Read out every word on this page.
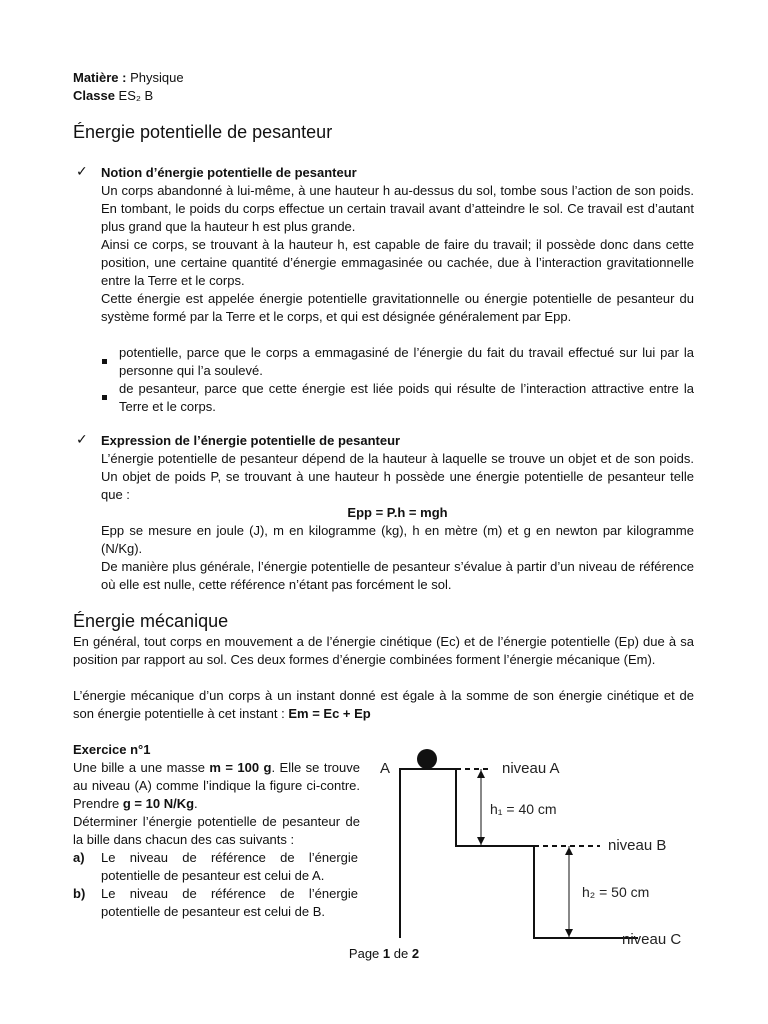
Matière : Physique
Classe ES₂ B
Énergie potentielle de pesanteur
✓ Notion d’énergie potentielle de pesanteur
Un corps abandonné à lui-même, à une hauteur h au-dessus du sol, tombe sous l’action de son poids. En tombant, le poids du corps effectue un certain travail avant d’atteindre le sol. Ce travail est d’autant plus grand que la hauteur h est plus grande.
Ainsi ce corps, se trouvant à la hauteur h, est capable de faire du travail; il possède donc dans cette position, une certaine quantité d’énergie emmagasinée ou cachée, due à l’interaction gravitationnelle entre la Terre et le corps.
Cette énergie est appelée énergie potentielle gravitationnelle ou énergie potentielle de pesanteur du système formé par la Terre et le corps, et qui est désignée généralement par Epp.
potentielle, parce que le corps a emmagasiné de l’énergie du fait du travail effectué sur lui par la personne qui l’a soulevé.
de pesanteur, parce que cette énergie est liée poids qui résulte de l’interaction attractive entre la Terre et le corps.
✓ Expression de l’énergie potentielle de pesanteur
L’énergie potentielle de pesanteur dépend de la hauteur à laquelle se trouve un objet et de son poids. Un objet de poids P, se trouvant à une hauteur h possède une énergie potentielle de pesanteur telle que :
Epp = P.h = mgh
Epp se mesure en joule (J), m en kilogramme (kg), h en mètre (m) et g en newton par kilogramme (N/Kg).
De manière plus générale, l’énergie potentielle de pesanteur s’évalue à partir d’un niveau de référence où elle est nulle, cette référence n’étant pas forcément le sol.
Énergie mécanique
En général, tout corps en mouvement a de l’énergie cinétique (Ec) et de l’énergie potentielle (Ep) due à sa position par rapport au sol. Ces deux formes d’énergie combinées forment l’énergie mécanique (Em).
L’énergie mécanique d’un corps à un instant donné est égale à la somme de son énergie cinétique et de son énergie potentielle à cet instant : Em = Ec + Ep
Exercice n°1
Une bille a une masse m = 100 g. Elle se trouve au niveau (A) comme l’indique la figure ci-contre. Prendre g = 10 N/Kg.
Déterminer l’énergie potentielle de pesanteur de la bille dans chacun des cas suivants :
a) Le niveau de référence de l’énergie potentielle de pesanteur est celui de A.
b) Le niveau de référence de l’énergie potentielle de pesanteur est celui de B.
A	niveau A
h₁ = 40 cm
niveau B
h₂ = 50 cm
niveau C
Page 1 de 2
